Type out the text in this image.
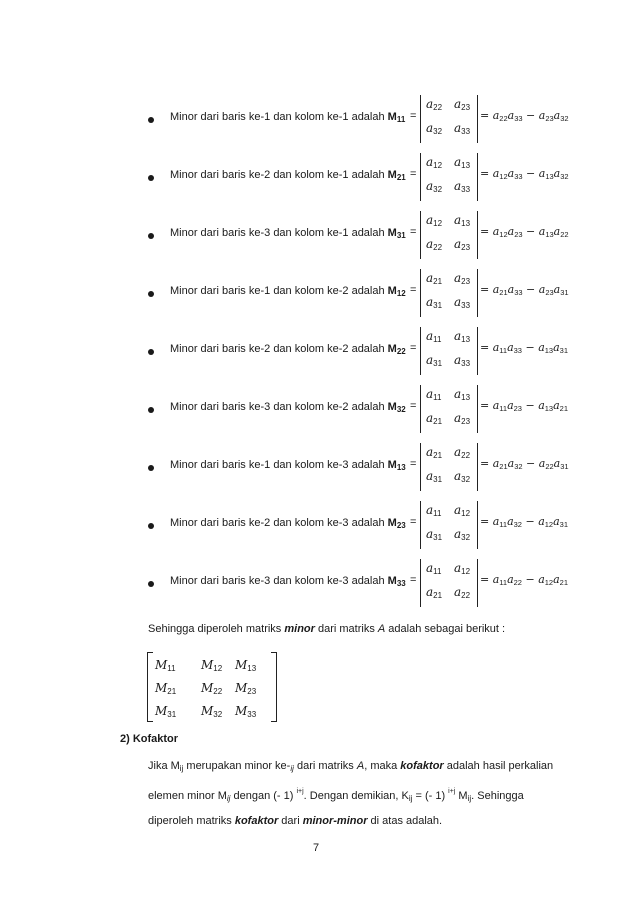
Minor dari baris ke-1 dan kolom ke-1 adalah M11 =
a22 a23
a32 a33
= a22a33 − a23a32
Minor dari baris ke-2 dan kolom ke-1 adalah M21 =
a12 a13
a32 a33
= a12a33 − a13a32
Minor dari baris ke-3 dan kolom ke-1 adalah M31 =
a12 a13
a22 a23
= a12a23 − a13a22
Minor dari baris ke-1 dan kolom ke-2 adalah M12 =
a21 a23
a31 a33
= a21a33 − a23a31
Minor dari baris ke-2 dan kolom ke-2 adalah M22 =
a11 a13
a31 a33
= a11a33 − a13a31
Minor dari baris ke-3 dan kolom ke-2 adalah M32 =
a11 a13
a21 a23
= a11a23 − a13a21
Minor dari baris ke-1 dan kolom ke-3 adalah M13 =
a21 a22
a31 a32
= a21a32 − a22a31
Minor dari baris ke-2 dan kolom ke-3 adalah M23 =
a11 a12
a31 a32
= a11a32 − a12a31
Minor dari baris ke-3 dan kolom ke-3 adalah M33 =
a11 a12
a21 a22
= a11a22 − a12a21
Sehingga diperoleh matriks minor dari matriks A adalah sebagai berikut :
M11 M12 M13
M21 M22 M23
M31 M32 M33
2) Kofaktor
Jika $M_{ij}$ merupakan minor $ke-_{ij}$ dari matriks A, maka kofaktor adalah hasil perkalian
elemen minor $M_{ij}$ dengan (- 1) $^{i+j}$. Dengan demikian, $K_{ij}$ = (- 1) $^{i+j}$ $M_{ij}$. Sehingga
diperoleh matriks kofaktor dari minor-minor di atas adalah.
7
